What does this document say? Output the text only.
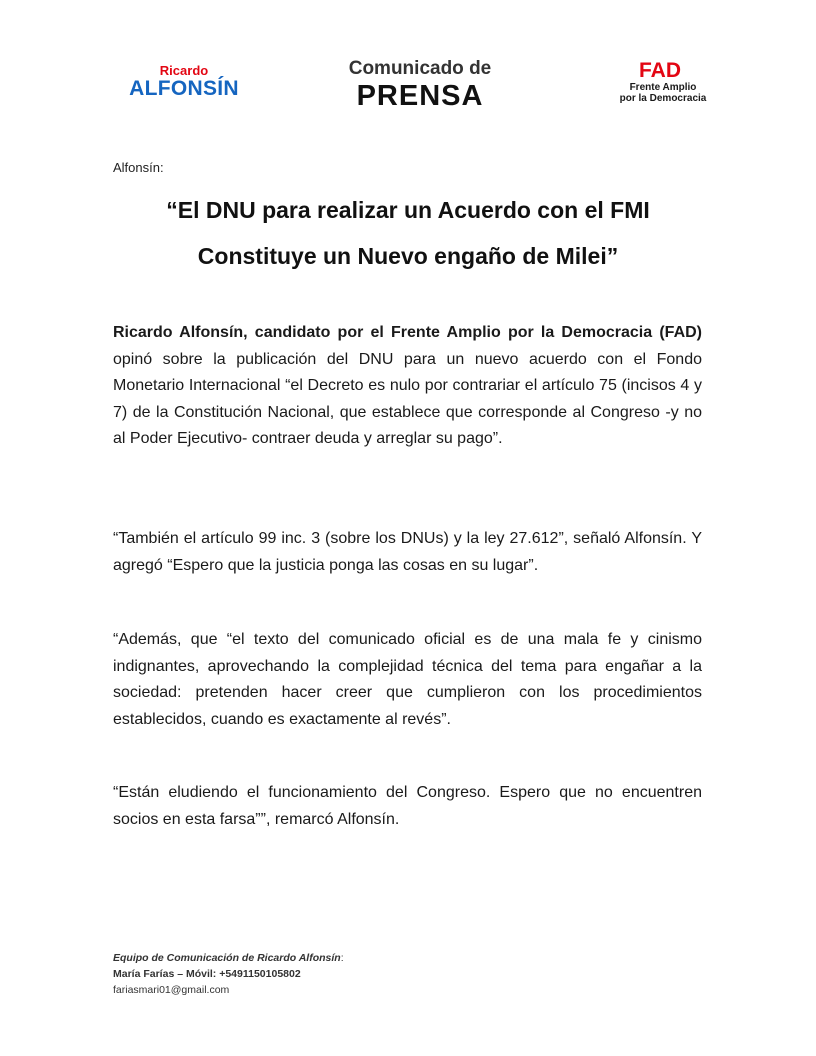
Ricardo
ALFONSÍN
Comunicado de
PRENSA
FAD
Frente Amplio
por la Democracia
Alfonsín:
“El DNU para realizar un Acuerdo con el FMI
Constituye un Nuevo engaño de Milei”

Ricardo Alfonsín, candidato por el Frente Amplio por la Democracia (FAD) opinó sobre la publicación del DNU para un nuevo acuerdo con el Fondo Monetario Internacional “el Decreto es nulo por contrariar el artículo 75 (incisos 4 y 7) de la Constitución Nacional, que establece que corresponde al Congreso -y no al Poder Ejecutivo- contraer deuda y arreglar su pago”.

“También el artículo 99 inc. 3 (sobre los DNUs) y la ley 27.612”, señaló Alfonsín. Y agregó “Espero que la justicia ponga las cosas en su lugar”.

“Además, que “el texto del comunicado oficial es de una mala fe y cinismo indignantes, aprovechando la complejidad técnica del tema para engañar a la sociedad: pretenden hacer creer que cumplieron con los procedimientos establecidos, cuando es exactamente al revés”.

“Están eludiendo el funcionamiento del Congreso. Espero que no encuentren socios en esta farsa””, remarcó Alfonsín.

Equipo de Comunicación de Ricardo Alfonsín:
María Farías – Móvil: +5491150105802
fariasmari01@gmail.com
